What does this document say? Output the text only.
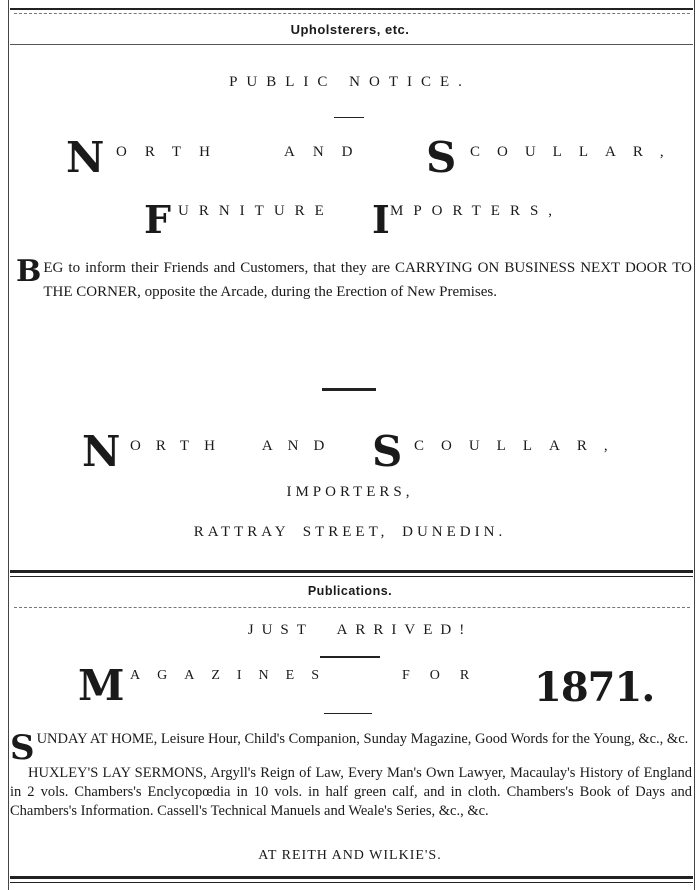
Upholsterers, etc.
PUBLIC NOTICE.
N ORTH	AND S COULLAR,
F URNITURE I MPORTERS,
BEG to inform their Friends and Customers, that they are CARRYING ON BUSINESS NEXT DOOR TO THE CORNER, opposite the Arcade, during the Erection of New Premises.
N ORTH AND S COULLAR,
IMPORTERS,
RATTRAY STREET, DUNEDIN.
Publications.
JUST ARRIVED!
M AGAZINES	FOR 1871.
SUNDAY AT HOME, Leisure Hour, Child's Companion, Sunday Magazine, Good Words for the Young, &c., &c.
HUXLEY'S LAY SERMONS, Argyll's Reign of Law, Every Man's Own Lawyer, Macaulay's History of England in 2 vols. Chambers's Enclycopœdia in 10 vols. in half green calf, and in cloth. Chambers's Book of Days and Chambers's Information. Cassell's Technical Manuels and Weale's Series, &c., &c.
AT REITH AND WILKIE'S.
